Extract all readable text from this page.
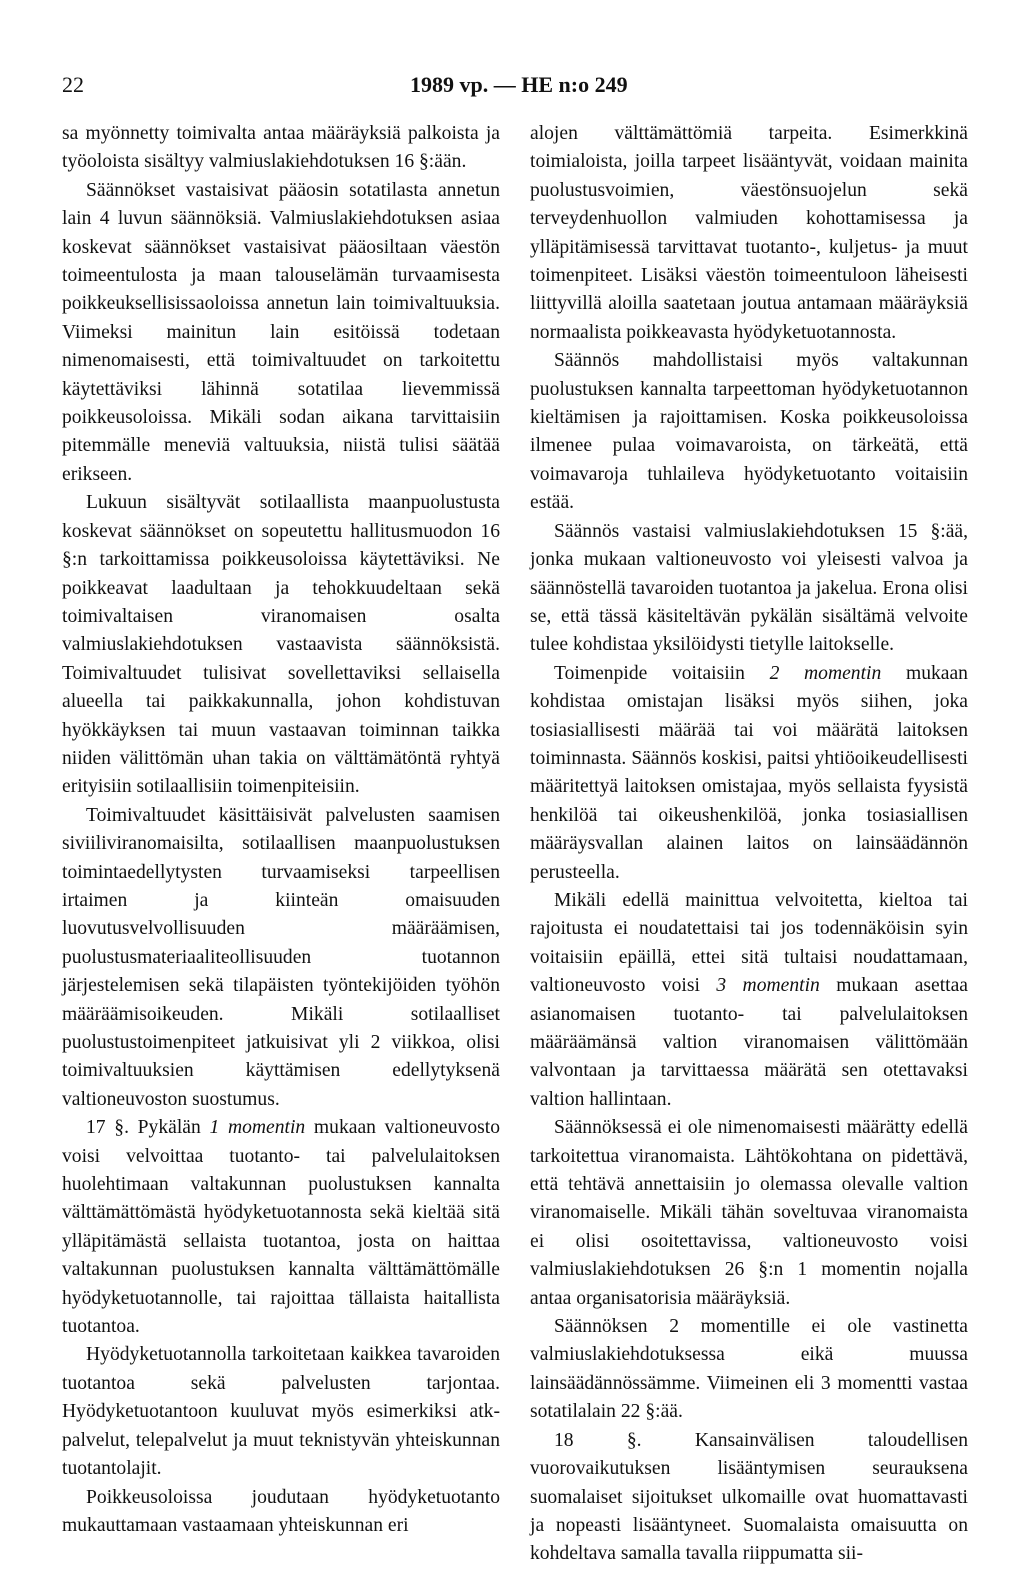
22	1989 vp. — HE n:o 249

sa myönnetty toimivalta antaa määräyksiä palkoista ja työoloista sisältyy valmiuslakiehdotuksen 16 §:ään.

Säännökset vastaisivat pääosin sotatilasta annetun lain 4 luvun säännöksiä. Valmiuslakiehdotuksen asiaa koskevat säännökset vastaisivat pääosiltaan väestön toimeentulosta ja maan talouselämän turvaamisesta poikkeuksellisissaoloissa annetun lain toimivaltuuksia. Viimeksi mainitun lain esitöissä todetaan nimenomaisesti, että toimivaltuudet on tarkoitettu käytettäviksi lähinnä sotatilaa lievemmissä poikkeusoloissa. Mikäli sodan aikana tarvittaisiin pitemmälle meneviä valtuuksia, niistä tulisi säätää erikseen.

Lukuun sisältyvät sotilaallista maanpuolustusta koskevat säännökset on sopeutettu hallitusmuodon 16 §:n tarkoittamissa poikkeusoloissa käytettäviksi. Ne poikkeavat laadultaan ja tehokkuudeltaan sekä toimivaltaisen viranomaisen osalta valmiuslakiehdotuksen vastaavista säännöksistä. Toimivaltuudet tulisivat sovellettaviksi sellaisella alueella tai paikkakunnalla, johon kohdistuvan hyökkäyksen tai muun vastaavan toiminnan taikka niiden välittömän uhan takia on välttämätöntä ryhtyä erityisiin sotilaallisiin toimenpiteisiin.

Toimivaltuudet käsittäisivät palvelusten saamisen siviiliviranomaisilta, sotilaallisen maanpuolustuksen toimintaedellytysten turvaamiseksi tarpeellisen irtaimen ja kiinteän omaisuuden luovutusvelvollisuuden määräämisen, puolustusmateriaaliteollisuuden tuotannon järjestelemisen sekä tilapäisten työntekijöiden työhön määräämisoikeuden. Mikäli sotilaalliset puolustustoimenpiteet jatkuisivat yli 2 viikkoa, olisi toimivaltuuksien käyttämisen edellytyksenä valtioneuvoston suostumus.

17 §. Pykälän 1 momentin mukaan valtioneuvosto voisi velvoittaa tuotanto- tai palvelulaitoksen huolehtimaan valtakunnan puolustuksen kannalta välttämättömästä hyödyketuotannosta sekä kieltää sitä ylläpitämästä sellaista tuotantoa, josta on haittaa valtakunnan puolustuksen kannalta välttämättömälle hyödyketuotannolle, tai rajoittaa tällaista haitallista tuotantoa.

Hyödyketuotannolla tarkoitetaan kaikkea tavaroiden tuotantoa sekä palvelusten tarjontaa. Hyödyketuotantoon kuuluvat myös esimerkiksi atk-palvelut, telepalvelut ja muut teknistyvän yhteiskunnan tuotantolajit.

Poikkeusoloissa joudutaan hyödyketuotanto mukauttamaan vastaamaan yhteiskunnan eri

alojen välttämättömiä tarpeita. Esimerkkinä toimialoista, joilla tarpeet lisääntyvät, voidaan mainita puolustusvoimien, väestönsuojelun sekä terveydenhuollon valmiuden kohottamisessa ja ylläpitämisessä tarvittavat tuotanto-, kuljetus- ja muut toimenpiteet. Lisäksi väestön toimeentuloon läheisesti liittyvillä aloilla saatetaan joutua antamaan määräyksiä normaalista poikkeavasta hyödyketuotannosta.

Säännös mahdollistaisi myös valtakunnan puolustuksen kannalta tarpeettoman hyödyketuotannon kieltämisen ja rajoittamisen. Koska poikkeusoloissa ilmenee pulaa voimavaroista, on tärkeätä, että voimavaroja tuhlaileva hyödyketuotanto voitaisiin estää.

Säännös vastaisi valmiuslakiehdotuksen 15 §:ää, jonka mukaan valtioneuvosto voi yleisesti valvoa ja säännöstellä tavaroiden tuotantoa ja jakelua. Erona olisi se, että tässä käsiteltävän pykälän sisältämä velvoite tulee kohdistaa yksilöidysti tietylle laitokselle.

Toimenpide voitaisiin 2 momentin mukaan kohdistaa omistajan lisäksi myös siihen, joka tosiasiallisesti määrää tai voi määrätä laitoksen toiminnasta. Säännös koskisi, paitsi yhtiöoikeudellisesti määritettyä laitoksen omistajaa, myös sellaista fyysistä henkilöä tai oikeushenkilöä, jonka tosiasiallisen määräysvallan alainen laitos on lainsäädännön perusteella.

Mikäli edellä mainittua velvoitetta, kieltoa tai rajoitusta ei noudatettaisi tai jos todennäköisin syin voitaisiin epäillä, ettei sitä tultaisi noudattamaan, valtioneuvosto voisi 3 momentin mukaan asettaa asianomaisen tuotanto- tai palvelulaitoksen määräämänsä valtion viranomaisen välittömään valvontaan ja tarvittaessa määrätä sen otettavaksi valtion hallintaan.

Säännöksessä ei ole nimenomaisesti määrätty edellä tarkoitettua viranomaista. Lähtökohtana on pidettävä, että tehtävä annettaisiin jo olemassa olevalle valtion viranomaiselle. Mikäli tähän soveltuvaa viranomaista ei olisi osoitettavissa, valtioneuvosto voisi valmiuslakiehdotuksen 26 §:n 1 momentin nojalla antaa organisatorisia määräyksiä.

Säännöksen 2 momentille ei ole vastinetta valmiuslakiehdotuksessa eikä muussa lainsäädännössämme. Viimeinen eli 3 momentti vastaa sotatilalain 22 §:ää.

18 §. Kansainvälisen taloudellisen vuorovaikutuksen lisääntymisen seurauksena suomalaiset sijoitukset ulkomaille ovat huomattavasti ja nopeasti lisääntyneet. Suomalaista omaisuutta on kohdeltava samalla tavalla riippumatta sii-
